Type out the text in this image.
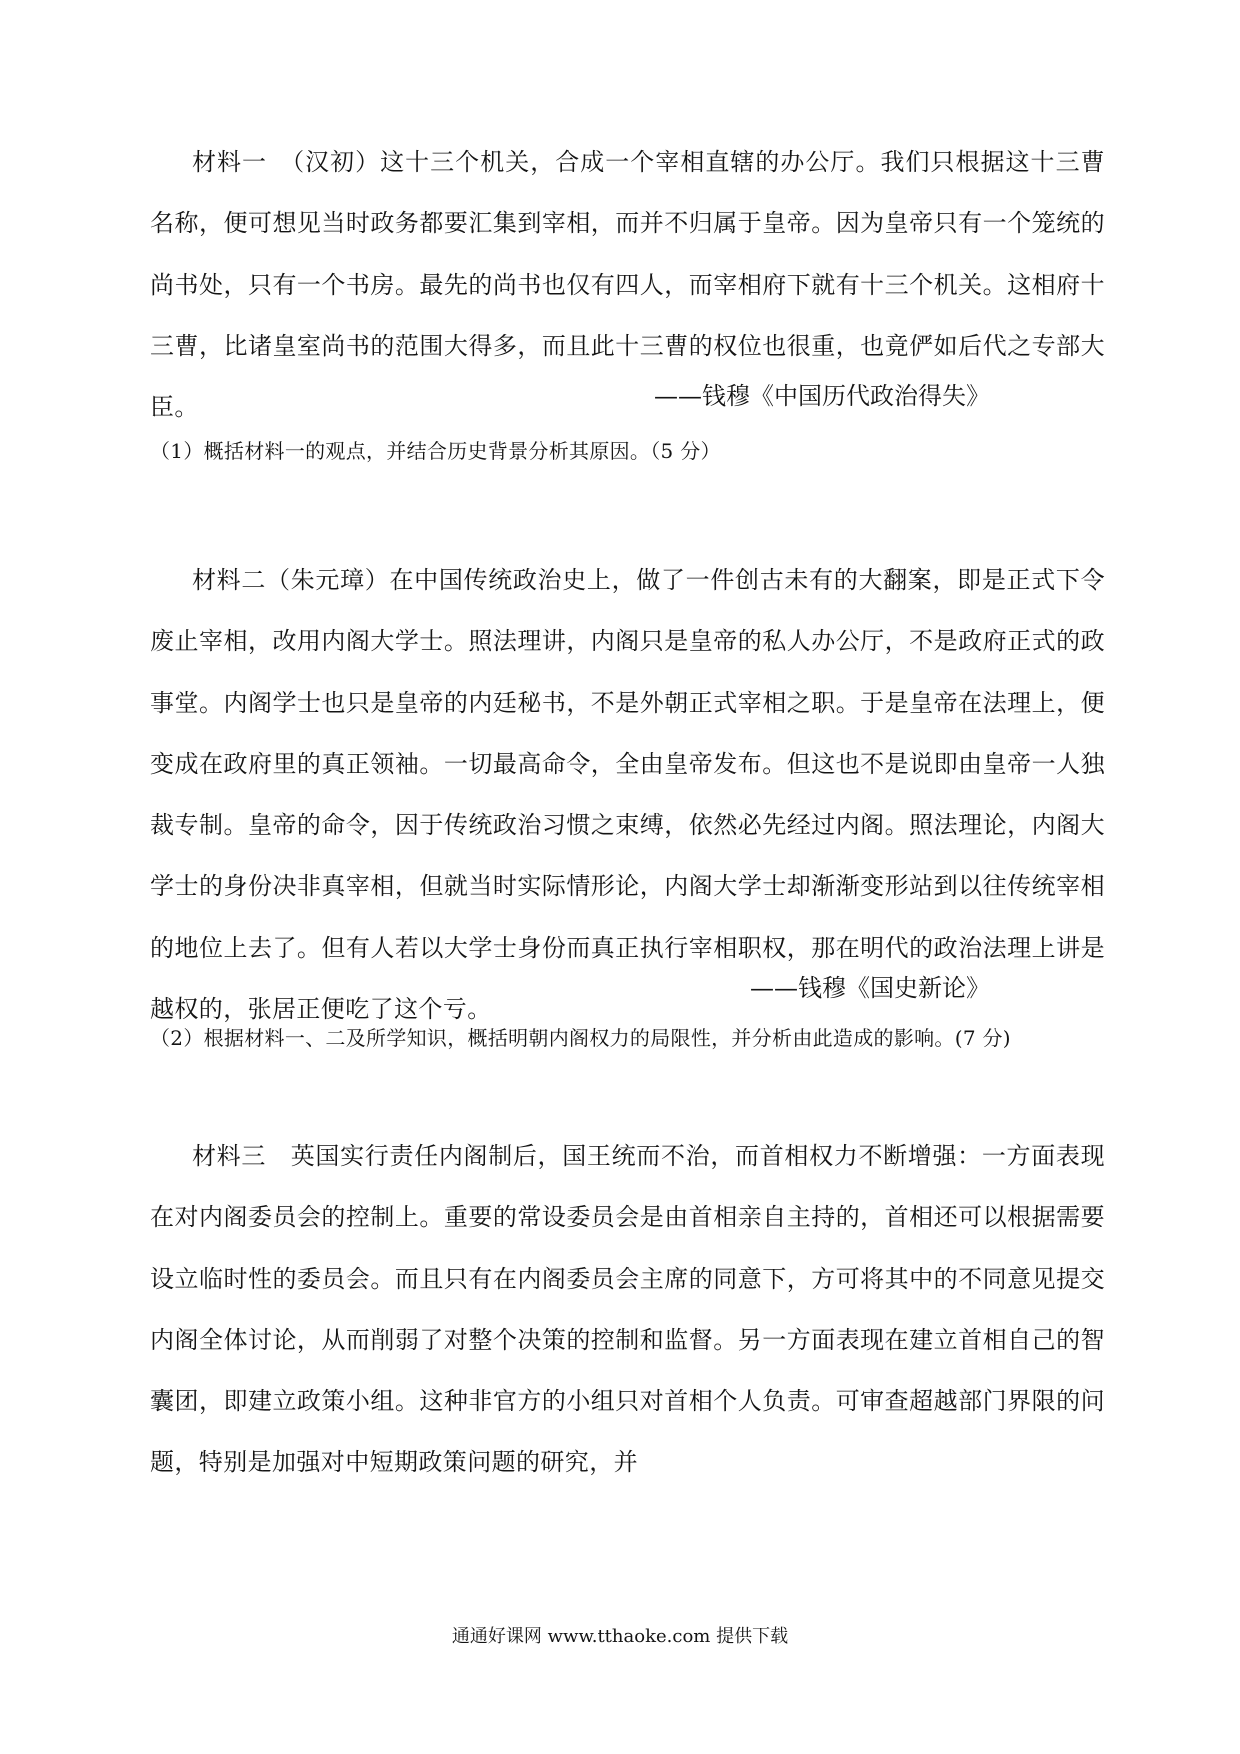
材料一　（汉初）这十三个机关，合成一个宰相直辖的办公厅。我们只根据这十三曹名称，便可想见当时政务都要汇集到宰相，而并不归属于皇帝。因为皇帝只有一个笼统的尚书处，只有一个书房。最先的尚书也仅有四人，而宰相府下就有十三个机关。这相府十三曹，比诸皇室尚书的范围大得多，而且此十三曹的权位也很重，也竟俨如后代之专部大臣。	——钱穆《中国历代政治得失》

（1）概括材料一的观点，并结合历史背景分析其原因。（5 分）

材料二（朱元璋）在中国传统政治史上，做了一件创古未有的大翻案，即是正式下令废止宰相，改用内阁大学士。照法理讲，内阁只是皇帝的私人办公厅，不是政府正式的政事堂。内阁学士也只是皇帝的内廷秘书，不是外朝正式宰相之职。于是皇帝在法理上，便变成在政府里的真正领袖。一切最高命令，全由皇帝发布。但这也不是说即由皇帝一人独裁专制。皇帝的命令，因于传统政治习惯之束缚，依然必先经过内阁。照法理论，内阁大学士的身份决非真宰相，但就当时实际情形论，内阁大学士却渐渐变形站到以往传统宰相的地位上去了。但有人若以大学士身份而真正执行宰相职权，那在明代的政治法理上讲是越权的，张居正便吃了这个亏。

——钱穆《国史新论》

（2）根据材料一、二及所学知识，概括明朝内阁权力的局限性，并分析由此造成的影响。(7 分)

材料三　英国实行责任内阁制后，国王统而不治，而首相权力不断增强：一方面表现在对内阁委员会的控制上。重要的常设委员会是由首相亲自主持的，首相还可以根据需要设立临时性的委员会。而且只有在内阁委员会主席的同意下，方可将其中的不同意见提交内阁全体讨论，从而削弱了对整个决策的控制和监督。另一方面表现在建立首相自己的智囊团，即建立政策小组。这种非官方的小组只对首相个人负责。可审查超越部门界限的问题，特别是加强对中短期政策问题的研究，并

通通好课网 www.tthaoke.com 提供下载
